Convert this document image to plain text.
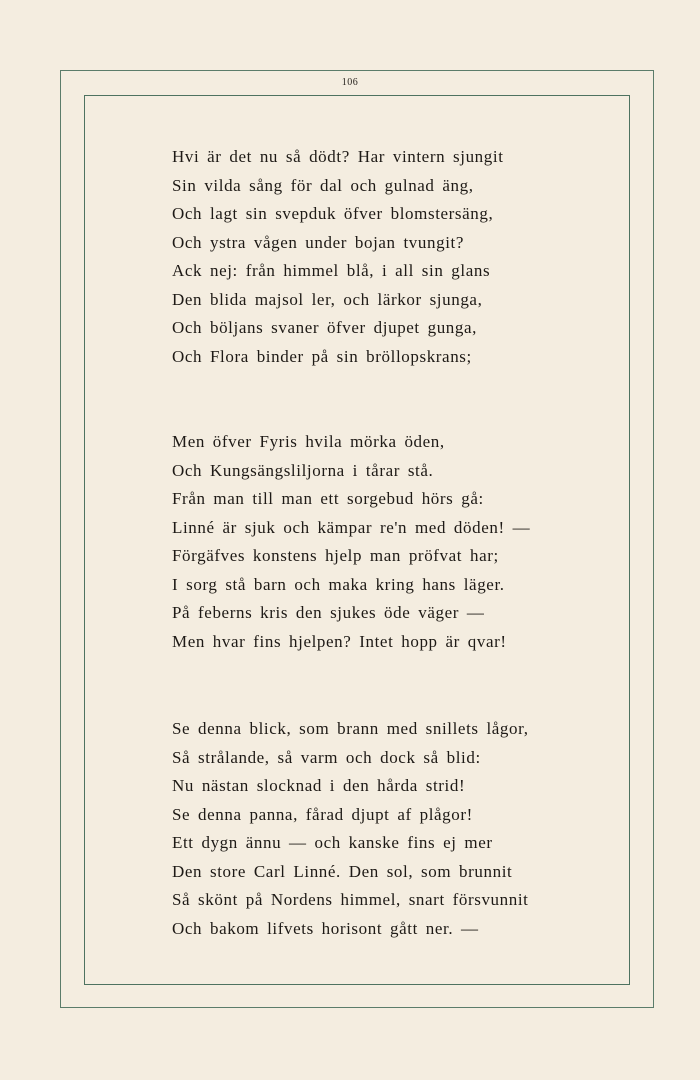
106
Hvi är det nu så dödt? Har vintern sjungit
Sin vilda sång för dal och gulnad äng,
Och lagt sin svepduk öfver blomstersäng,
Och ystra vågen under bojan tvungit?
Ack nej: från himmel blå, i all sin glans
Den blida majsol ler, och lärkor sjunga,
Och böljans svaner öfver djupet gunga,
Och Flora binder på sin bröllopskrans;
Men öfver Fyris hvila mörka öden,
Och Kungsängsliljorna i tårar stå.
Från man till man ett sorgebud hörs gå:
Linné är sjuk och kämpar re'n med döden! —
Förgäfves konstens hjelp man pröfvat har;
I sorg stå barn och maka kring hans läger.
På feberns kris den sjukes öde väger —
Men hvar fins hjelpen? Intet hopp är qvar!
Se denna blick, som brann med snillets lågor,
Så strålande, så varm och dock så blid:
Nu nästan slocknad i den hårda strid!
Se denna panna, fårad djupt af plågor!
Ett dygn ännu — och kanske fins ej mer
Den store Carl Linné. Den sol, som brunnit
Så skönt på Nordens himmel, snart försvunnit
Och bakom lifvets horisont gått ner. —
